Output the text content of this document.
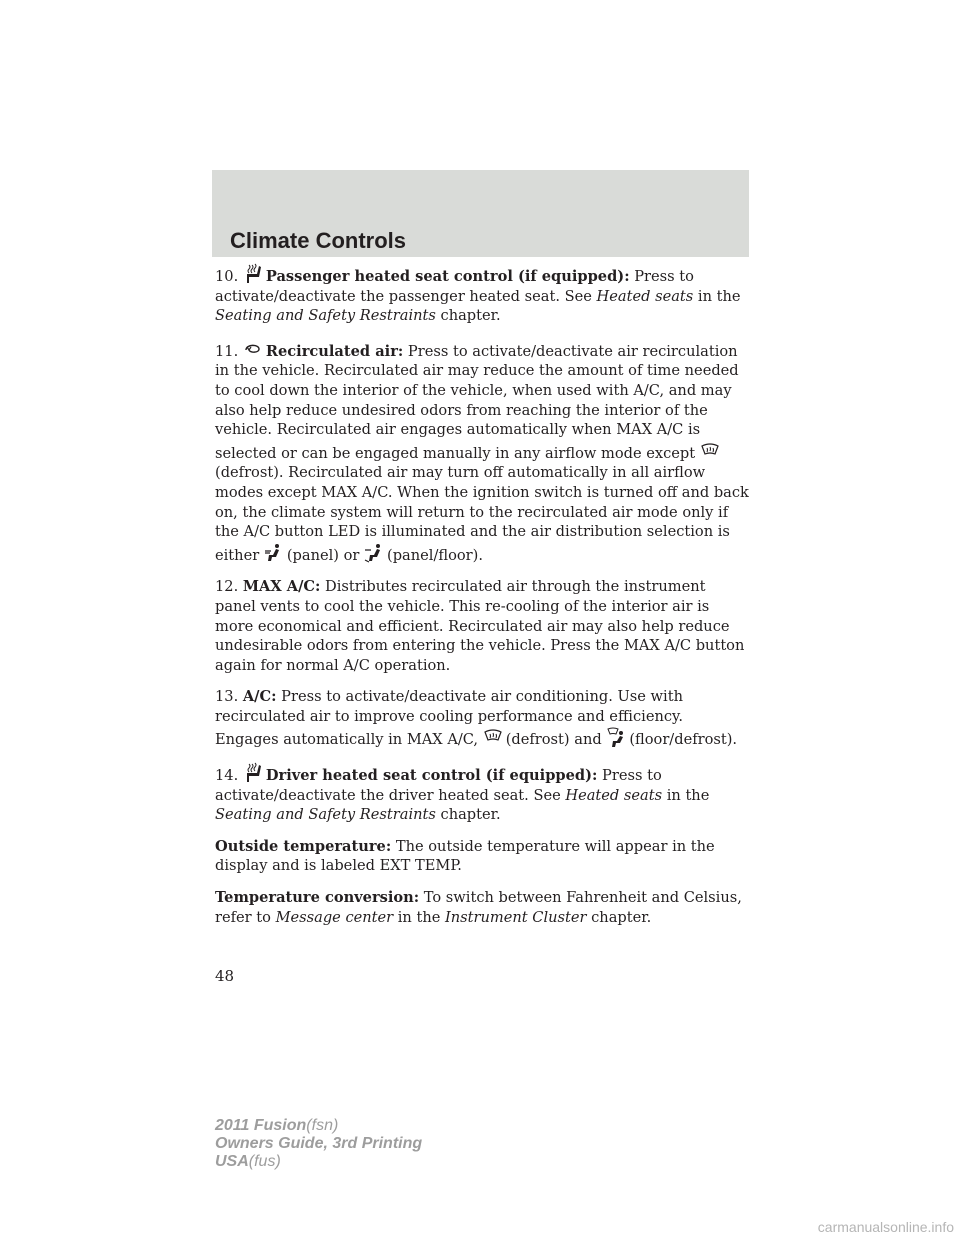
Climate Controls

10. Passenger heated seat control (if equipped): Press to activate/deactivate the passenger heated seat. See Heated seats in the Seating and Safety Restraints chapter.

11. Recirculated air: Press to activate/deactivate air recirculation in the vehicle. Recirculated air may reduce the amount of time needed to cool down the interior of the vehicle, when used with A/C, and may also help reduce undesired odors from reaching the interior of the vehicle. Recirculated air engages automatically when MAX A/C is selected or can be engaged manually in any airflow mode except
(defrost). Recirculated air may turn off automatically in all airflow modes except MAX A/C. When the ignition switch is turned off and back on, the climate system will return to the recirculated air mode only if the A/C button LED is illuminated and the air distribution selection is either (panel) or (panel/floor).

12. MAX A/C: Distributes recirculated air through the instrument panel vents to cool the vehicle. This re-cooling of the interior air is more economical and efficient. Recirculated air may also help reduce undesirable odors from entering the vehicle. Press the MAX A/C button again for normal A/C operation.

13. A/C: Press to activate/deactivate air conditioning. Use with recirculated air to improve cooling performance and efficiency. Engages automatically in MAX A/C, (defrost) and (floor/defrost).

14. Driver heated seat control (if equipped): Press to activate/deactivate the driver heated seat. See Heated seats in the Seating and Safety Restraints chapter.

Outside temperature: The outside temperature will appear in the display and is labeled EXT TEMP.

Temperature conversion: To switch between Fahrenheit and Celsius, refer to Message center in the Instrument Cluster chapter.

48
2011 Fusion(fsn)
Owners Guide, 3rd Printing
USA(fus)
carmanualsonline.info
